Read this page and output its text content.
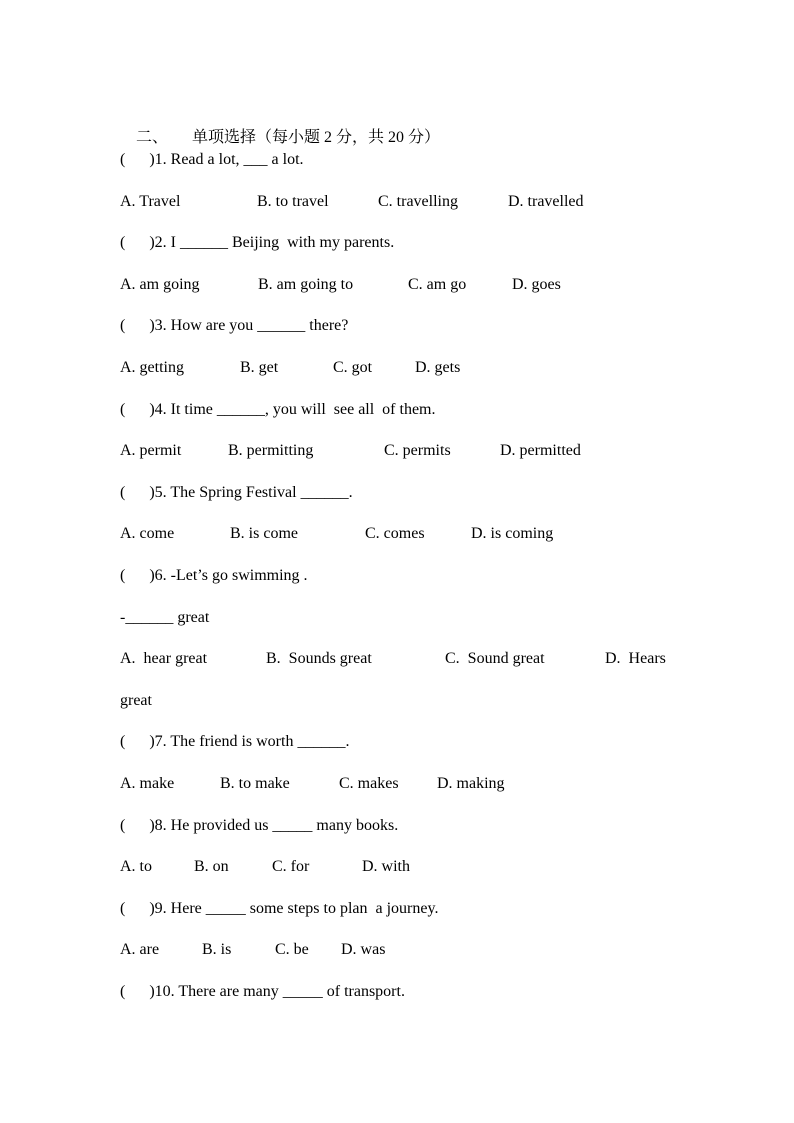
二、 单项选择（每小题 2 分，共 20 分）

(      )1. Read a lot, ___ a lot.

A. Travel

	B. to travel

	C. travelling

	D. travelled

(      )2. I ______ Beijing  with my parents.

A. am going

	B. am going to

	C. am go

	D. goes

(      )3. How are you ______ there?

A. getting

	B. get

	C. got

	D. gets

(      )4. It time ______, you will  see all  of them.

A. permit

	B. permitting

	C. permits

	D. permitted

(      )5. The Spring Festival ______.

A. come

	B. is come

	C. comes

	D. is coming

(      )6. -Let’s go swimming .
-______ great

A.  hear great

	B.  Sounds great

	C.  Sound great

	D.  Hears

great
(      )7. The friend is worth ______.

A. make

	B. to make

	C. makes

D. making

(      )8. He provided us _____ many books.

A. to

	B. on

	C. for

	D. with

(      )9. Here _____ some steps to plan  a journey.

A. are

	B. is

	C. be

D. was

(      )10. There are many _____ of transport.
